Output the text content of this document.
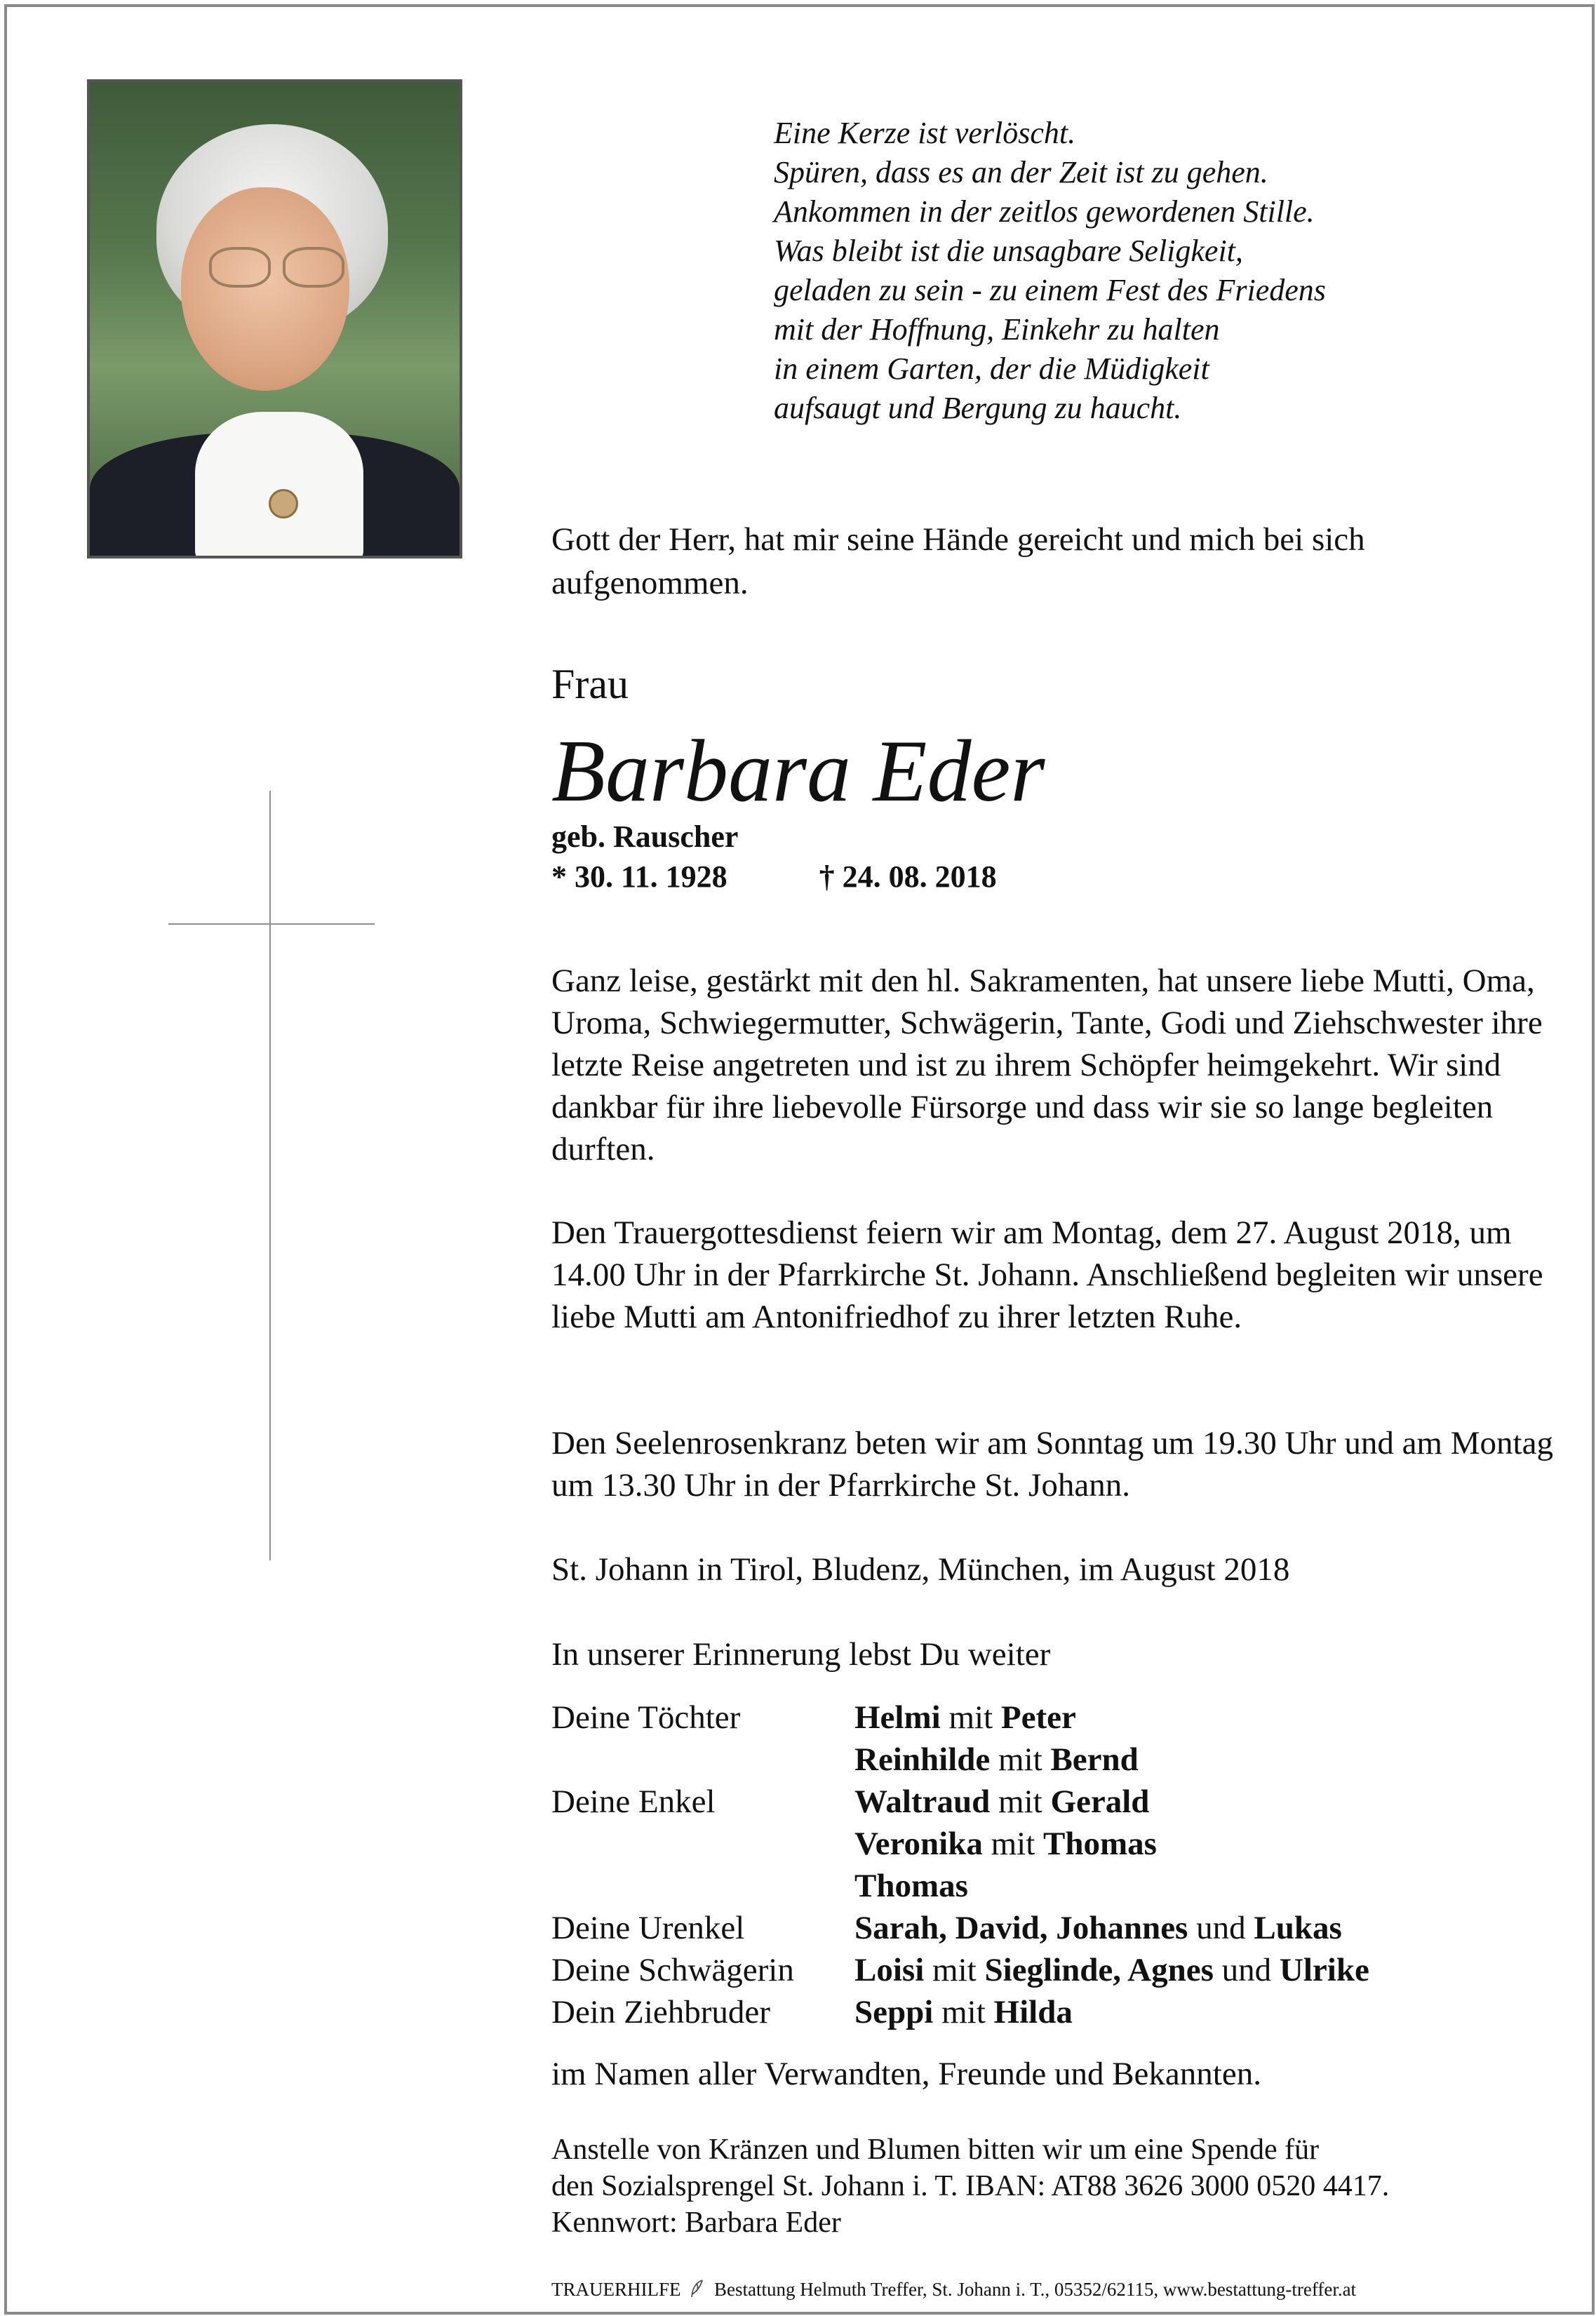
Eine Kerze ist verlöscht.
Spüren, dass es an der Zeit ist zu gehen.
Ankommen in der zeitlos gewordenen Stille.
Was bleibt ist die unsagbare Seligkeit,
geladen zu sein - zu einem Fest des Friedens
mit der Hoffnung, Einkehr zu halten
in einem Garten, der die Müdigkeit
aufsaugt und Bergung zu haucht.
Gott der Herr, hat mir seine Hände gereicht und mich bei sich aufgenommen.
Frau
Barbara Eder
geb. Rauscher
* 30. 11. 1928	† 24. 08. 2018
Ganz leise, gestärkt mit den hl. Sakramenten, hat unsere liebe Mutti, Oma, Uroma, Schwiegermutter, Schwägerin, Tante, Godi und Ziehschwester ihre letzte Reise angetreten und ist zu ihrem Schöpfer heimgekehrt. Wir sind dankbar für ihre liebevolle Fürsorge und dass wir sie so lange begleiten durften.
Den Trauergottesdienst feiern wir am Montag, dem 27. August 2018, um 14.00 Uhr in der Pfarrkirche St. Johann. Anschließend begleiten wir unsere liebe Mutti am Antonifriedhof zu ihrer letzten Ruhe.
Den Seelenrosenkranz beten wir am Sonntag um 19.30 Uhr und am Montag um 13.30 Uhr in der Pfarrkirche St. Johann.
St. Johann in Tirol, Bludenz, München, im August 2018
In unserer Erinnerung lebst Du weiter
Deine Töchter	Helmi mit Peter
Reinhilde mit Bernd
Deine Enkel	Waltraud mit Gerald
Veronika mit Thomas
Thomas
Deine Urenkel	Sarah, David, Johannes und Lukas
Deine Schwägerin	Loisi mit Sieglinde, Agnes und Ulrike
Dein Ziehbruder	Seppi mit Hilda
im Namen aller Verwandten, Freunde und Bekannten.
Anstelle von Kränzen und Blumen bitten wir um eine Spende für
den Sozialsprengel St. Johann i. T. IBAN: AT88 3626 3000 0520 4417.
Kennwort: Barbara Eder
TRAUERHILFE Bestattung Helmuth Treffer, St. Johann i. T., 05352/62115, www.bestattung-treffer.at
